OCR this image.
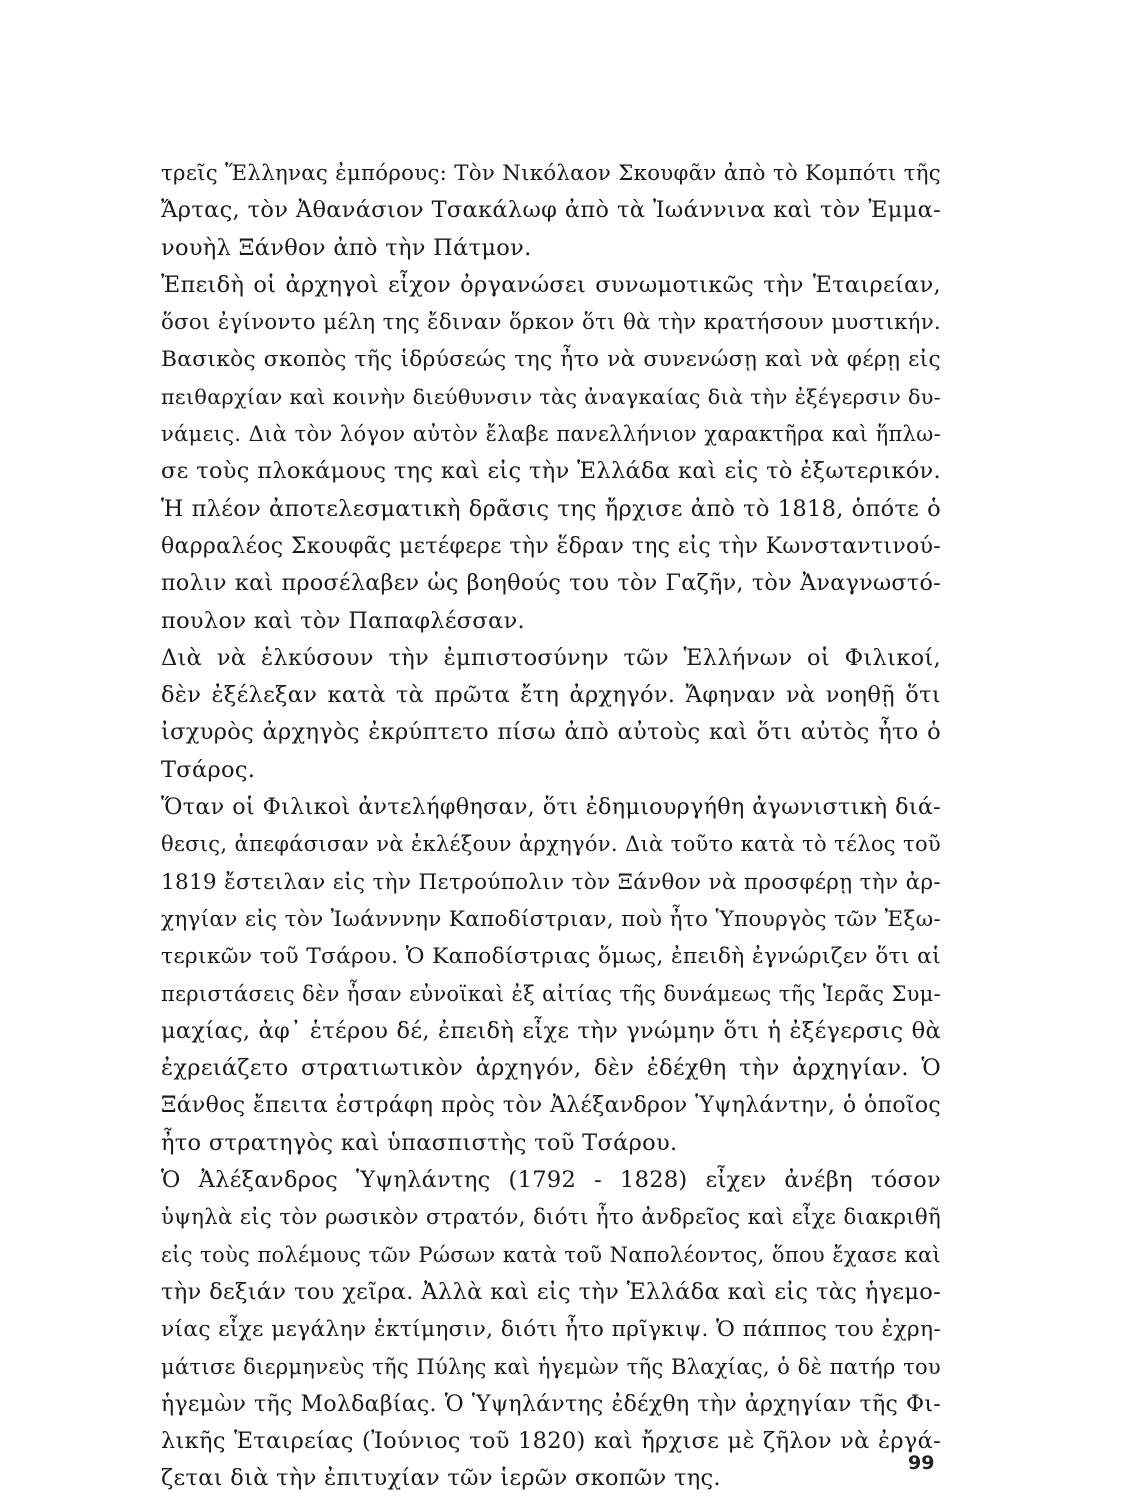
τρεῖς Ἕλληνας ἐμπόρους: Τὸν Νικόλαον Σκουφᾶν ἀπὸ τὸ Κομπότι τῆς
Ἄρτας, τὸν Ἀθανάσιον Τσακάλωφ ἀπὸ τὰ Ἰωάννινα καὶ τὸν Ἐμμα-
νουὴλ Ξάνθον ἀπὸ τὴν Πάτμον.
Ἐπειδὴ οἱ ἀρχηγοὶ εἶχον ὀργανώσει συνωμοτικῶς τὴν Ἑταιρείαν,
ὅσοι ἐγίνοντο μέλη της ἔδιναν ὅρκον ὅτι θὰ τὴν κρατήσουν μυστικήν.
Βασικὸς σκοπὸς τῆς ἱδρύσεώς της ἦτο νὰ συνενώσῃ καὶ νὰ φέρῃ εἰς
πειθαρχίαν καὶ κοινὴν διεύθυνσιν τὰς ἀναγκαίας διὰ τὴν ἐξέγερσιν δυ-
νάμεις. Διὰ τὸν λόγον αὐτὸν ἔλαβε πανελλήνιον χαρακτῆρα καὶ ἥπλω-
σε τοὺς πλοκάμους της καὶ εἰς τὴν Ἑλλάδα καὶ εἰς τὸ ἐξωτερικόν.
Ἡ πλέον ἀποτελεσματικὴ δρᾶσις της ἤρχισε ἀπὸ τὸ 1818, ὁπότε ὁ
θαρραλέος Σκουφᾶς μετέφερε τὴν ἕδραν της εἰς τὴν Κωνσταντινού-
πολιν καὶ προσέλαβεν ὡς βοηθούς του τὸν Γαζῆν, τὸν Ἀναγνωστό-
πουλον καὶ τὸν Παπαφλέσσαν.
Διὰ νὰ ἑλκύσουν τὴν ἐμπιστοσύνην τῶν Ἑλλήνων οἱ Φιλικοί,
δὲν ἐξέλεξαν κατὰ τὰ πρῶτα ἔτη ἀρχηγόν. Ἄφηναν νὰ νοηθῇ ὅτι
ἰσχυρὸς ἀρχηγὸς ἐκρύπτετο πίσω ἀπὸ αὐτοὺς καὶ ὅτι αὐτὸς ἦτο ὁ
Τσάρος.
Ὅταν οἱ Φιλικοὶ ἀντελήφθησαν, ὅτι ἐδημιουργήθη ἀγωνιστικὴ διά-
θεσις, ἀπεφάσισαν νὰ ἐκλέξουν ἀρχηγόν. Διὰ τοῦτο κατὰ τὸ τέλος τοῦ
1819 ἔστειλαν εἰς τὴν Πετρούπολιν τὸν Ξάνθον νὰ προσφέρῃ τὴν ἀρ-
χηγίαν εἰς τὸν Ἰωάνννην Καποδίστριαν, ποὺ ἦτο Ὑπουργὸς τῶν Ἐξω-
τερικῶν τοῦ Τσάρου. Ὁ Καποδίστριας ὅμως, ἐπειδὴ ἐγνώριζεν ὅτι αἱ
περιστάσεις δὲν ἦσαν εὐνοϊκαὶ ἐξ αἰτίας τῆς δυνάμεως τῆς Ἱερᾶς Συμ-
μαχίας, ἀφ᾽ ἑτέρου δέ, ἐπειδὴ εἶχε τὴν γνώμην ὅτι ἡ ἐξέγερσις θὰ
ἐχρειάζετο στρατιωτικὸν ἀρχηγόν, δὲν ἐδέχθη τὴν ἀρχηγίαν. Ὁ
Ξάνθος ἔπειτα ἐστράφη πρὸς τὸν Ἀλέξανδρον Ὑψηλάντην, ὁ ὁποῖος
ἦτο στρατηγὸς καὶ ὑπασπιστὴς τοῦ Τσάρου.
Ὁ Ἀλέξανδρος Ὑψηλάντης (1792 - 1828) εἶχεν ἀνέβη τόσον
ὑψηλὰ εἰς τὸν ρωσικὸν στρατόν, διότι ἦτο ἀνδρεῖος καὶ εἶχε διακριθῆ
εἰς τοὺς πολέμους τῶν Ρώσων κατὰ τοῦ Ναπολέοντος, ὅπου ἔχασε καὶ
τὴν δεξιάν του χεῖρα. Ἀλλὰ καὶ εἰς τὴν Ἑλλάδα καὶ εἰς τὰς ἡγεμο-
νίας εἶχε μεγάλην ἐκτίμησιν, διότι ἦτο πρῖγκιψ. Ὁ πάππος του ἐχρη-
μάτισε διερμηνεὺς τῆς Πύλης καὶ ἡγεμὼν τῆς Βλαχίας, ὁ δὲ πατήρ του
ἡγεμὼν τῆς Μολδαβίας. Ὁ Ὑψηλάντης ἐδέχθη τὴν ἀρχηγίαν τῆς Φι-
λικῆς Ἑταιρείας (Ἰούνιος τοῦ 1820) καὶ ἤρχισε μὲ ζῆλον νὰ ἐργά-
ζεται διὰ τὴν ἐπιτυχίαν τῶν ἱερῶν σκοπῶν της.
99
